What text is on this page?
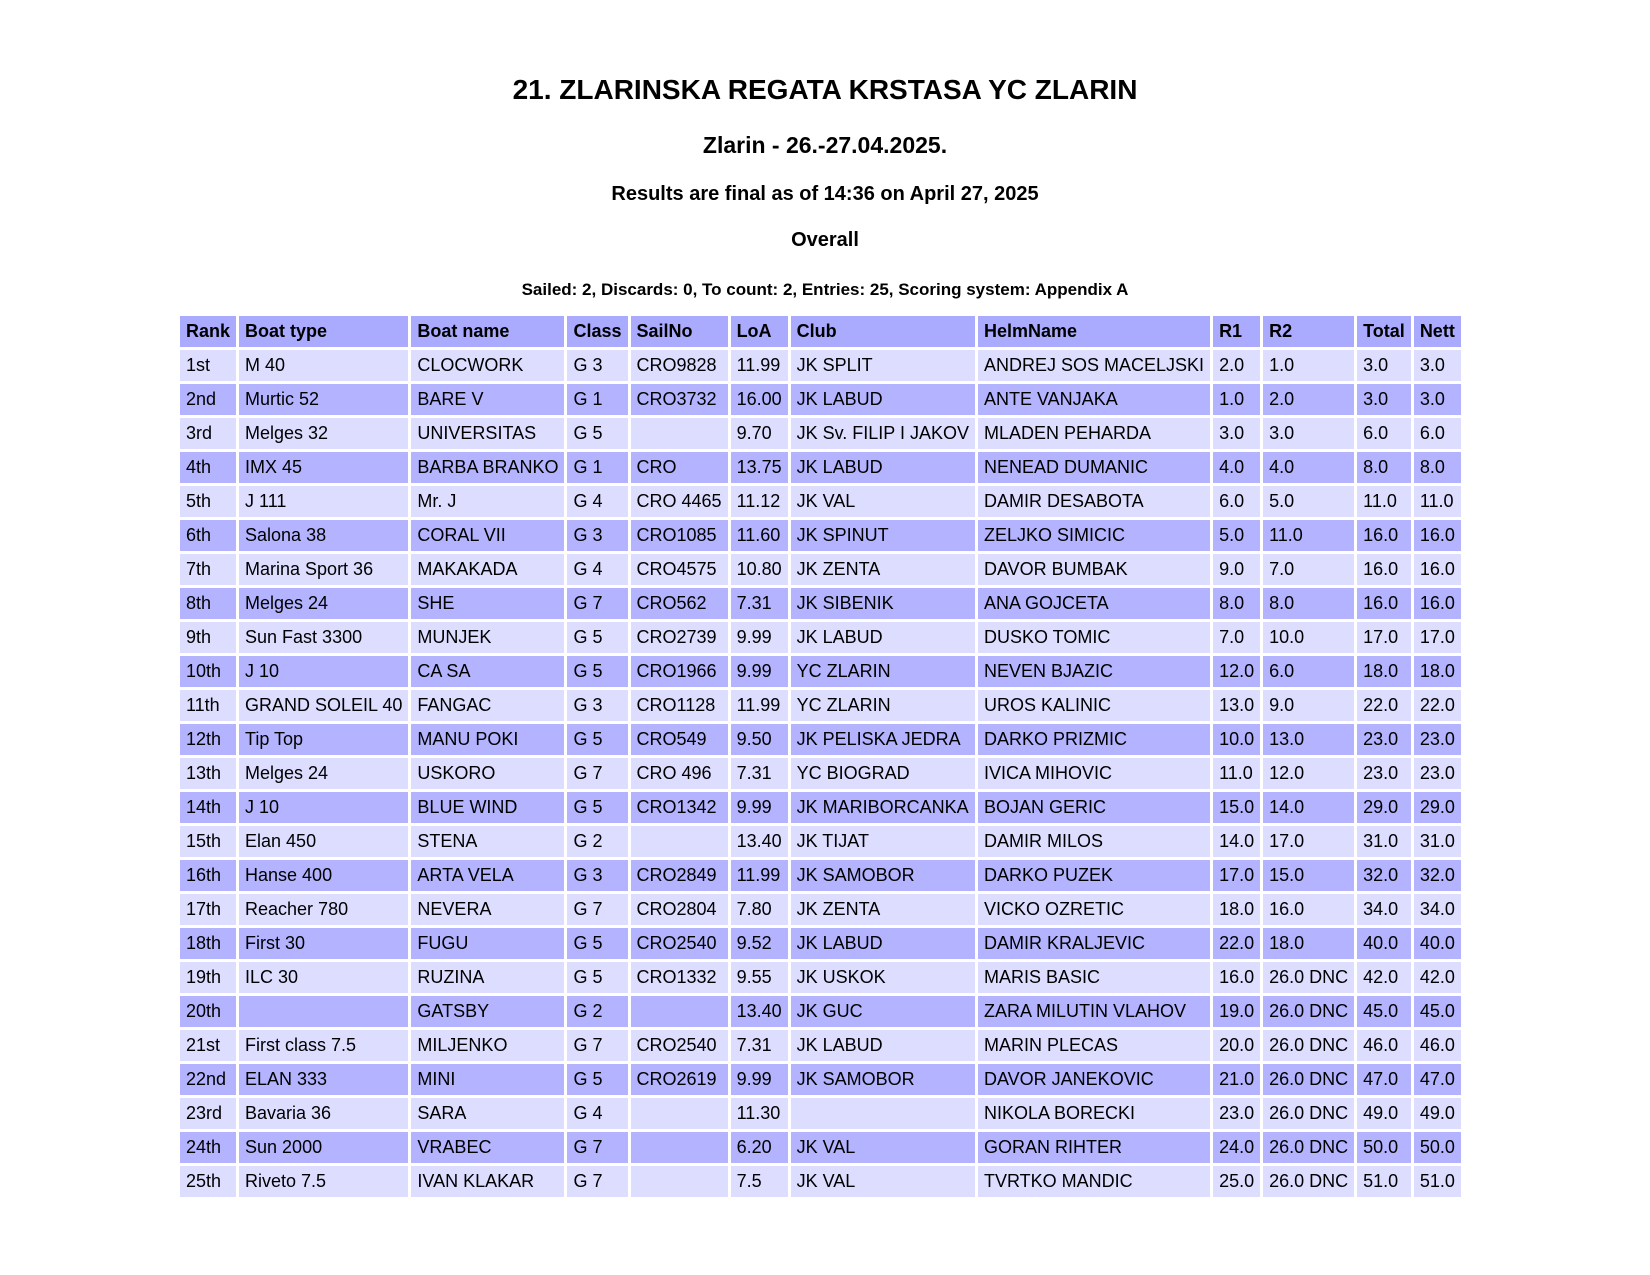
21. ZLARINSKA REGATA KRSTASA YC ZLARIN
Zlarin - 26.-27.04.2025.
Results are final as of 14:36 on April 27, 2025
Overall
Sailed: 2, Discards: 0, To count: 2, Entries: 25, Scoring system: Appendix A
Rank	Boat type	Boat name	Class	SailNo	LoA	Club	HelmName	R1	R2	Total	Nett
1st	M 40	CLOCWORK	G 3	CRO9828	11.99	JK SPLIT	ANDREJ SOS MACELJSKI	2.0	1.0	3.0	3.0
2nd	Murtic 52	BARE V	G 1	CRO3732	16.00	JK LABUD	ANTE VANJAKA	1.0	2.0	3.0	3.0
3rd	Melges 32	UNIVERSITAS	G 5		9.70	JK Sv. FILIP I JAKOV	MLADEN PEHARDA	3.0	3.0	6.0	6.0
4th	IMX 45	BARBA BRANKO	G 1	CRO	13.75	JK LABUD	NENEAD DUMANIC	4.0	4.0	8.0	8.0
5th	J 111	Mr. J	G 4	CRO 4465	11.12	JK VAL	DAMIR DESABOTA	6.0	5.0	11.0	11.0
6th	Salona 38	CORAL VII	G 3	CRO1085	11.60	JK SPINUT	ZELJKO SIMICIC	5.0	11.0	16.0	16.0
7th	Marina Sport 36	MAKAKADA	G 4	CRO4575	10.80	JK ZENTA	DAVOR BUMBAK	9.0	7.0	16.0	16.0
8th	Melges 24	SHE	G 7	CRO562	7.31	JK SIBENIK	ANA GOJCETA	8.0	8.0	16.0	16.0
9th	Sun Fast 3300	MUNJEK	G 5	CRO2739	9.99	JK LABUD	DUSKO TOMIC	7.0	10.0	17.0	17.0
10th	J 10	CA SA	G 5	CRO1966	9.99	YC ZLARIN	NEVEN BJAZIC	12.0	6.0	18.0	18.0
11th	GRAND SOLEIL 40	FANGAC	G 3	CRO1128	11.99	YC ZLARIN	UROS KALINIC	13.0	9.0	22.0	22.0
12th	Tip Top	MANU POKI	G 5	CRO549	9.50	JK PELISKA JEDRA	DARKO PRIZMIC	10.0	13.0	23.0	23.0
13th	Melges 24	USKORO	G 7	CRO 496	7.31	YC BIOGRAD	IVICA MIHOVIC	11.0	12.0	23.0	23.0
14th	J 10	BLUE WIND	G 5	CRO1342	9.99	JK MARIBORCANKA	BOJAN GERIC	15.0	14.0	29.0	29.0
15th	Elan 450	STENA	G 2		13.40	JK TIJAT	DAMIR MILOS	14.0	17.0	31.0	31.0
16th	Hanse 400	ARTA VELA	G 3	CRO2849	11.99	JK SAMOBOR	DARKO PUZEK	17.0	15.0	32.0	32.0
17th	Reacher 780	NEVERA	G 7	CRO2804	7.80	JK ZENTA	VICKO OZRETIC	18.0	16.0	34.0	34.0
18th	First 30	FUGU	G 5	CRO2540	9.52	JK LABUD	DAMIR KRALJEVIC	22.0	18.0	40.0	40.0
19th	ILC 30	RUZINA	G 5	CRO1332	9.55	JK USKOK	MARIS BASIC	16.0	26.0 DNC	42.0	42.0
20th		GATSBY	G 2		13.40	JK GUC	ZARA MILUTIN VLAHOV	19.0	26.0 DNC	45.0	45.0
21st	First class 7.5	MILJENKO	G 7	CRO2540	7.31	JK LABUD	MARIN PLECAS	20.0	26.0 DNC	46.0	46.0
22nd	ELAN 333	MINI	G 5	CRO2619	9.99	JK SAMOBOR	DAVOR JANEKOVIC	21.0	26.0 DNC	47.0	47.0
23rd	Bavaria 36	SARA	G 4		11.30		NIKOLA BORECKI	23.0	26.0 DNC	49.0	49.0
24th	Sun 2000	VRABEC	G 7		6.20	JK VAL	GORAN RIHTER	24.0	26.0 DNC	50.0	50.0
25th	Riveto 7.5	IVAN KLAKAR	G 7		7.5	JK VAL	TVRTKO MANDIC	25.0	26.0 DNC	51.0	51.0
